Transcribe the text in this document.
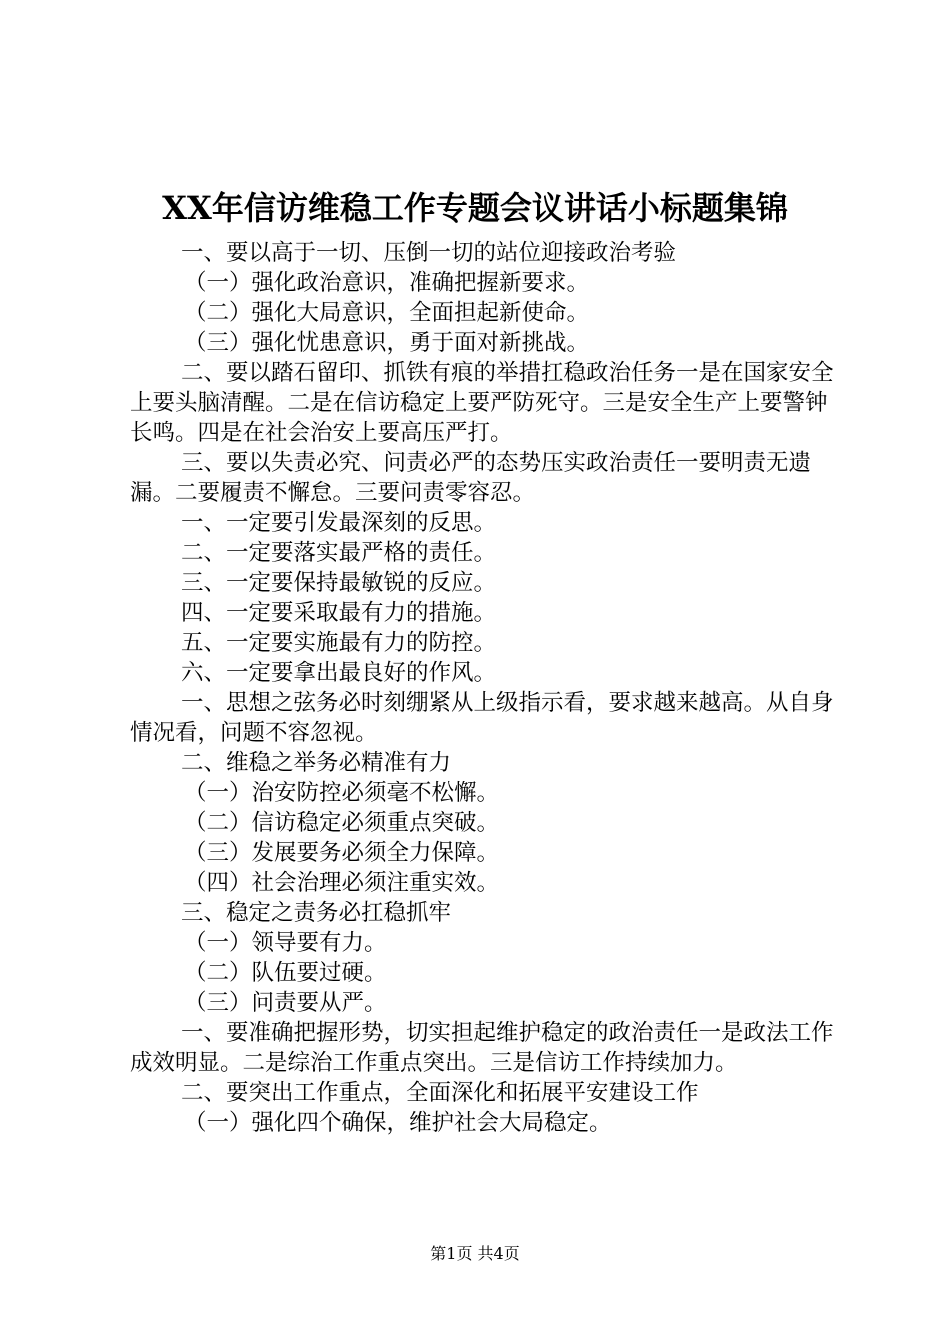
XX年信访维稳工作专题会议讲话小标题集锦

一、要以高于一切、压倒一切的站位迎接政治考验

（一）强化政治意识，准确把握新要求。

（二）强化大局意识，全面担起新使命。

（三）强化忧患意识，勇于面对新挑战。

二、要以踏石留印、抓铁有痕的举措扛稳政治任务一是在国家安全上要头脑清醒。二是在信访稳定上要严防死守。三是安全生产上要警钟长鸣。四是在社会治安上要高压严打。

三、要以失责必究、问责必严的态势压实政治责任一要明责无遗漏。二要履责不懈怠。三要问责零容忍。

一、一定要引发最深刻的反思。

二、一定要落实最严格的责任。

三、一定要保持最敏锐的反应。

四、一定要采取最有力的措施。

五、一定要实施最有力的防控。

六、一定要拿出最良好的作风。

一、思想之弦务必时刻绷紧从上级指示看，要求越来越高。从自身情况看，问题不容忽视。

二、维稳之举务必精准有力

（一）治安防控必须毫不松懈。

（二）信访稳定必须重点突破。

（三）发展要务必须全力保障。

（四）社会治理必须注重实效。

三、稳定之责务必扛稳抓牢

（一）领导要有力。

（二）队伍要过硬。

（三）问责要从严。

一、要准确把握形势，切实担起维护稳定的政治责任一是政法工作成效明显。二是综治工作重点突出。三是信访工作持续加力。

二、要突出工作重点，全面深化和拓展平安建设工作

（一）强化四个确保，维护社会大局稳定。

第1页 共4页
